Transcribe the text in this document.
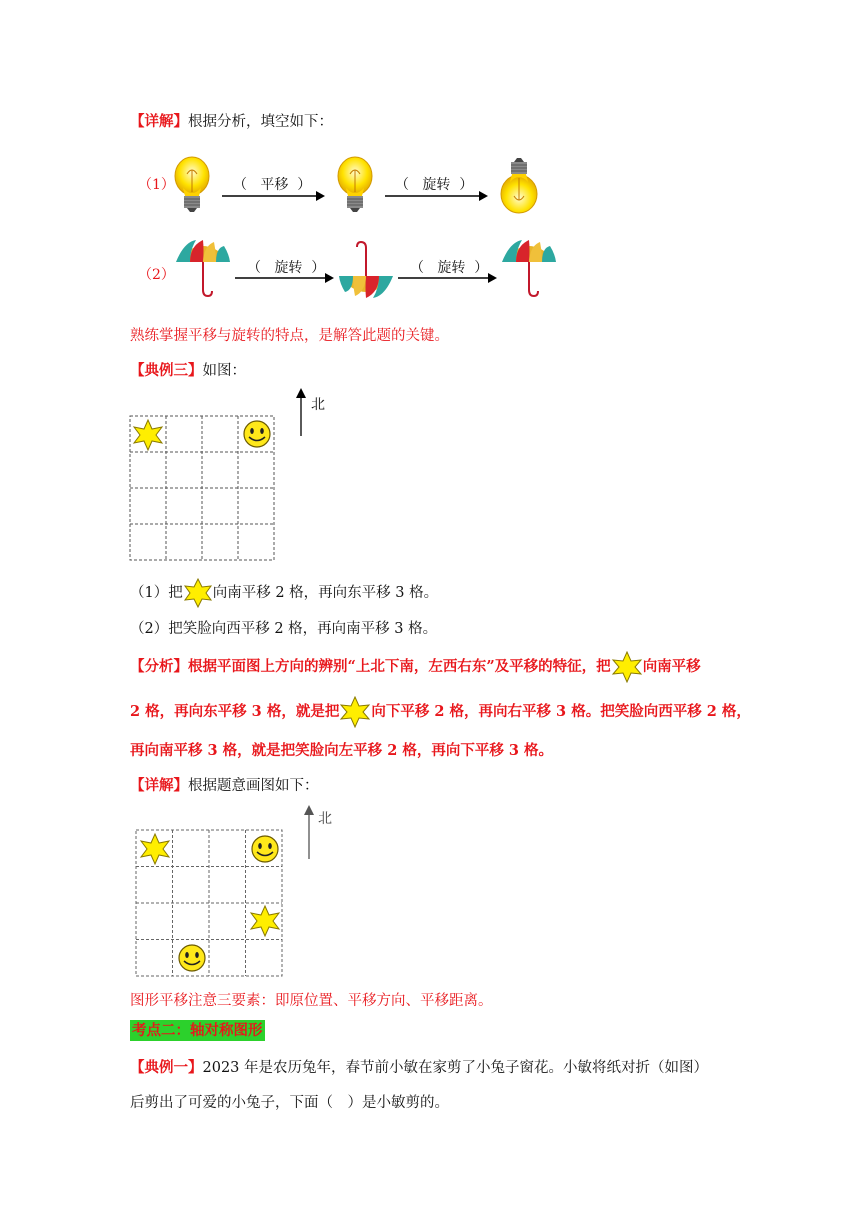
【详解】根据分析，填空如下：
（1）	（ 平移 ）	（ 旋转 ）
（2）	（ 旋转 ）	（ 旋转 ）
熟练掌握平移与旋转的特点，是解答此题的关键。
【典例三】如图：
北
（1）把 向南平移 2 格，再向东平移 3 格。
（2）把笑脸向西平移 2 格，再向南平移 3 格。
【分析】根据平面图上方向的辨别“上北下南，左西右东”及平移的特征，把 向南平移
2 格，再向东平移 3 格，就是把 向下平移 2 格，再向右平移 3 格。把笑脸向西平移 2 格，
再向南平移 3 格，就是把笑脸向左平移 2 格，再向下平移 3 格。
【详解】根据题意画图如下：
北
图形平移注意三要素：即原位置、平移方向、平移距离。
考点二：轴对称图形
【典例一】2023 年是农历兔年，春节前小敏在家剪了小兔子窗花。小敏将纸对折（如图）
后剪出了可爱的小兔子，下面（　）是小敏剪的。
